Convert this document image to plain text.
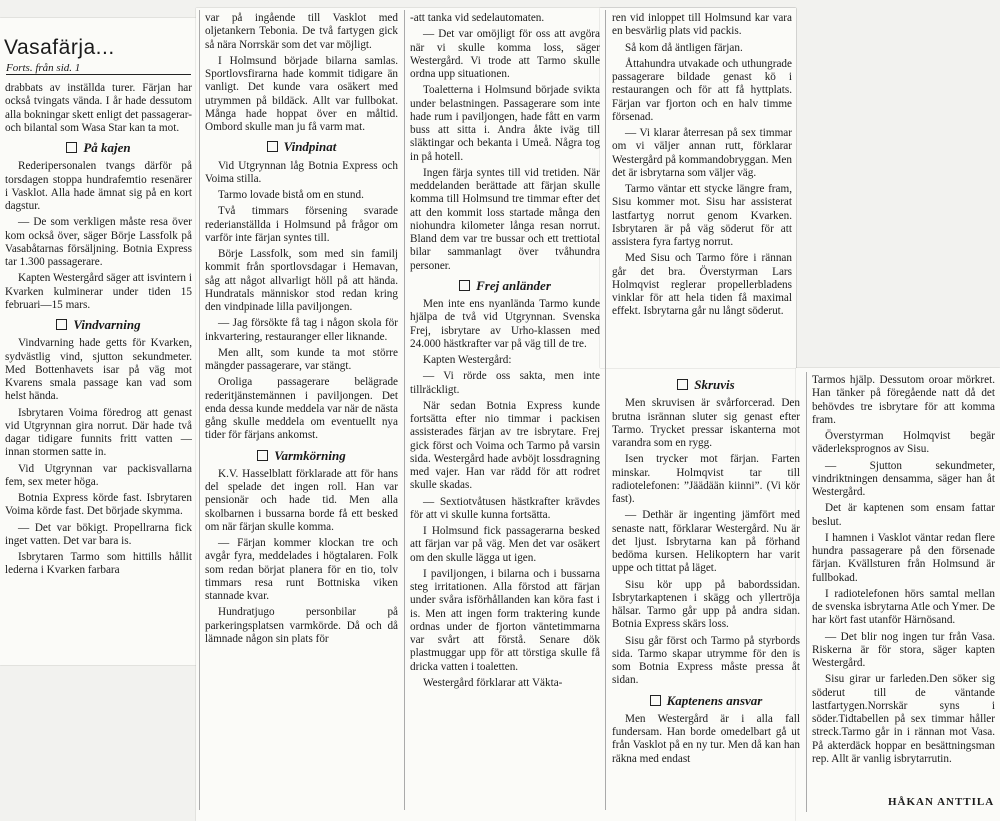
Vasafärja...
Forts. från sid. 1

drabbats av inställda turer. Färjan har också tvingats vända. I år hade dessutom alla bokningar skett enligt det passagerar- och bilantal som Wasa Star kan ta mot.

På kajen

Rederipersonalen tvangs därför på torsdagen stoppa hundrafemtio resenärer i Vasklot. Alla hade ämnat sig på en kort dagstur.

— De som verkligen måste resa över kom också över, säger Börje Lassfolk på Vasabåtarnas försäljning. Botnia Express tar 1.300 passagerare.

Kapten Westergård säger att isvintern i Kvarken kulminerar under tiden 15 februari—15 mars.

Vindvarning

Vindvarning hade getts för Kvarken, sydvästlig vind, sjutton sekundmeter. Med Bottenhavets isar på väg mot Kvarens smala passage kan vad som helst hända.

Isbrytaren Voima föredrog att genast vid Utgrynnan gira norrut. Där hade två dagar tidigare funnits fritt vatten — innan stormen satte in.

Vid Utgrynnan var packisvallarna fem, sex meter höga.

Botnia Express körde fast. Isbrytaren Voima körde fast. Det började skymma.

— Det var bökigt. Propellrarna fick inget vatten. Det var bara is.

Isbrytaren Tarmo som hittills hållit lederna i Kvarken farbara

var på ingående till Vasklot med oljetankern Tebonia. De två fartygen gick så nära Norrskär som det var möjligt.

I Holmsund började bilarna samlas. Sportlovsfirarna hade kommit tidigare än vanligt. Det kunde vara osäkert med utrymmen på bildäck. Allt var fullbokat. Många hade hoppat över en måltid. Ombord skulle man ju få varm mat.

Vindpinat

Vid Utgrynnan låg Botnia Express och Voima stilla.

Tarmo lovade bistå om en stund.

Två timmars försening svarade rederianställda i Holmsund på frågor om varför inte färjan syntes till.

Börje Lassfolk, som med sin familj kommit från sportlovsdagar i Hemavan, såg att något allvarligt höll på att hända. Hundratals människor stod redan kring den vindpinade lilla paviljongen.

— Jag försökte få tag i någon skola för inkvartering, restauranger eller liknande.

Men allt, som kunde ta mot större mängder passagerare, var stängt.

Oroliga passagerare belägrade rederitjänstemännen i paviljongen. Det enda dessa kunde meddela var när de nästa gång skulle meddela om eventuellt nya tider för färjans ankomst.

Varmkörning

K.V. Hasselblatt förklarade att för hans del spelade det ingen roll. Han var pensionär och hade tid. Men alla skolbarnen i bussarna borde få ett besked om när färjan skulle komma.

— Färjan kommer klockan tre och avgår fyra, meddelades i högtalaren. Folk som redan börjat planera för en tio, tolv timmars resa runt Bottniska viken stannade kvar.

Hundratjugo personbilar på parkeringsplatsen varmkörde. Då och då lämnade någon sin plats för

-att tanka vid sedelautomaten.

— Det var omöjligt för oss att avgöra när vi skulle komma loss, säger Westergård. Vi trode att Tarmo skulle ordna upp situationen.

Toaletterna i Holmsund började svikta under belastningen. Passagerare som inte hade rum i paviljongen, hade fått en varm buss att sitta i. Andra åkte iväg till släktingar och bekanta i Umeå. Några tog in på hotell.

Ingen färja syntes till vid tretiden. När meddelanden berättade att färjan skulle komma till Holmsund tre timmar efter det att den kommit loss startade många den niohundra kilometer långa resan norrut. Bland dem var tre bussar och ett trettiotal bilar sammanlagt över tvåhundra personer.

Frej anländer

Men inte ens nyanlända Tarmo kunde hjälpa de två vid Utgrynnan. Svenska Frej, isbrytare av Urho-klassen med 24.000 hästkrafter var på väg till de tre.

Kapten Westergård:

— Vi rörde oss sakta, men inte tillräckligt.

När sedan Botnia Express kunde fortsätta efter nio timmar i packisen assisterades färjan av tre isbrytare. Frej gick först och Voima och Tarmo på varsin sida. Westergård hade avböjt lossdragning med vajer. Han var rädd för att rodret skulle skadas.

— Sextiotvåtusen hästkrafter krävdes för att vi skulle kunna fortsätta.

I Holmsund fick passagerarna besked att färjan var på väg. Men det var osäkert om den skulle lägga ut igen.

I paviljongen, i bilarna och i bussarna steg irritationen. Alla förstod att färjan under svåra isförhållanden kan köra fast i is. Men att ingen form traktering kunde ordnas under de fjorton väntetimmarna var svårt att förstå. Senare dök plastmuggar upp för att törstiga skulle få dricka vatten i toaletten.

Westergård förklarar att Väkta-

ren vid inloppet till Holmsund kar vara en besvärlig plats vid packis.

Så kom då äntligen färjan.

Åttahundra utvakade och uthungrade passagerare bildade genast kö i restaurangen och för att få hyttplats. Färjan var fjorton och en halv timme försenad.

— Vi klarar återresan på sex timmar om vi väljer annan rutt, förklarar Westergård på kommandobryggan. Men det är isbrytarna som väljer väg.

Tarmo väntar ett stycke längre fram, Sisu kommer mot. Sisu har assisterat lastfartyg norrut genom Kvarken. Isbrytaren är på väg söderut för att assistera fyra fartyg norrut.

Med Sisu och Tarmo före i rännan går det bra. Överstyrman Lars Holmqvist reglerar propellerbladens vinklar för att hela tiden få maximal effekt. Isbrytarna går nu långt söderut.

Skruvis

Men skruvisen är svårforcerad. Den brutna isrännan sluter sig genast efter Tarmo. Trycket pressar iskanterna mot varandra som en rygg.

Isen trycker mot färjan. Farten minskar. Holmqvist tar till radiotelefonen: ”Jäädään kiinni”. (Vi kör fast).

— Dethär är ingenting jämfört med senaste natt, förklarar Westergård. Nu är det ljust. Isbrytarna kan på förhand bedöma kursen. Helikoptern har varit uppe och tittat på läget.

Sisu kör upp på babordssidan. Isbrytarkaptenen i skägg och yllertröja hälsar. Tarmo går upp på andra sidan. Botnia Express skärs loss.

Sisu går först och Tarmo på styrbords sida. Tarmo skapar utrymme för den is som Botnia Express måste pressa åt sidan.

Kaptenens ansvar

Men Westergård är i alla fall fundersam. Han borde omedelbart gå ut från Vasklot på en ny tur. Men då kan han räkna med endast

Tarmos hjälp. Dessutom oroar mörkret. Han tänker på föregående natt då det behövdes tre isbrytare för att komma fram.

Överstyrman Holmqvist begär väderleksprognos av Sisu.

— Sjutton sekundmeter, vindriktningen densamma, säger han åt Westergård.

Det är kaptenen som ensam fattar beslut.

I hamnen i Vasklot väntar redan flere hundra passagerare på den försenade färjan. Kvällsturen från Holmsund är fullbokad.

I radiotelefonen hörs samtal mellan de svenska isbrytarna Atle och Ymer. De har kört fast utanför Härnösand.

— Det blir nog ingen tur från Vasa. Riskerna är för stora, säger kapten Westergård.

Sisu girar ur farleden.Den söker sig söderut till de väntande lastfartygen.Norrskär syns i söder.Tidtabellen på sex timmar håller streck.Tarmo går in i rännan mot Vasa. På akterdäck hoppar en besättningsman rep. Allt är vanlig isbrytarrutin.

HÅKAN ANTTILA
